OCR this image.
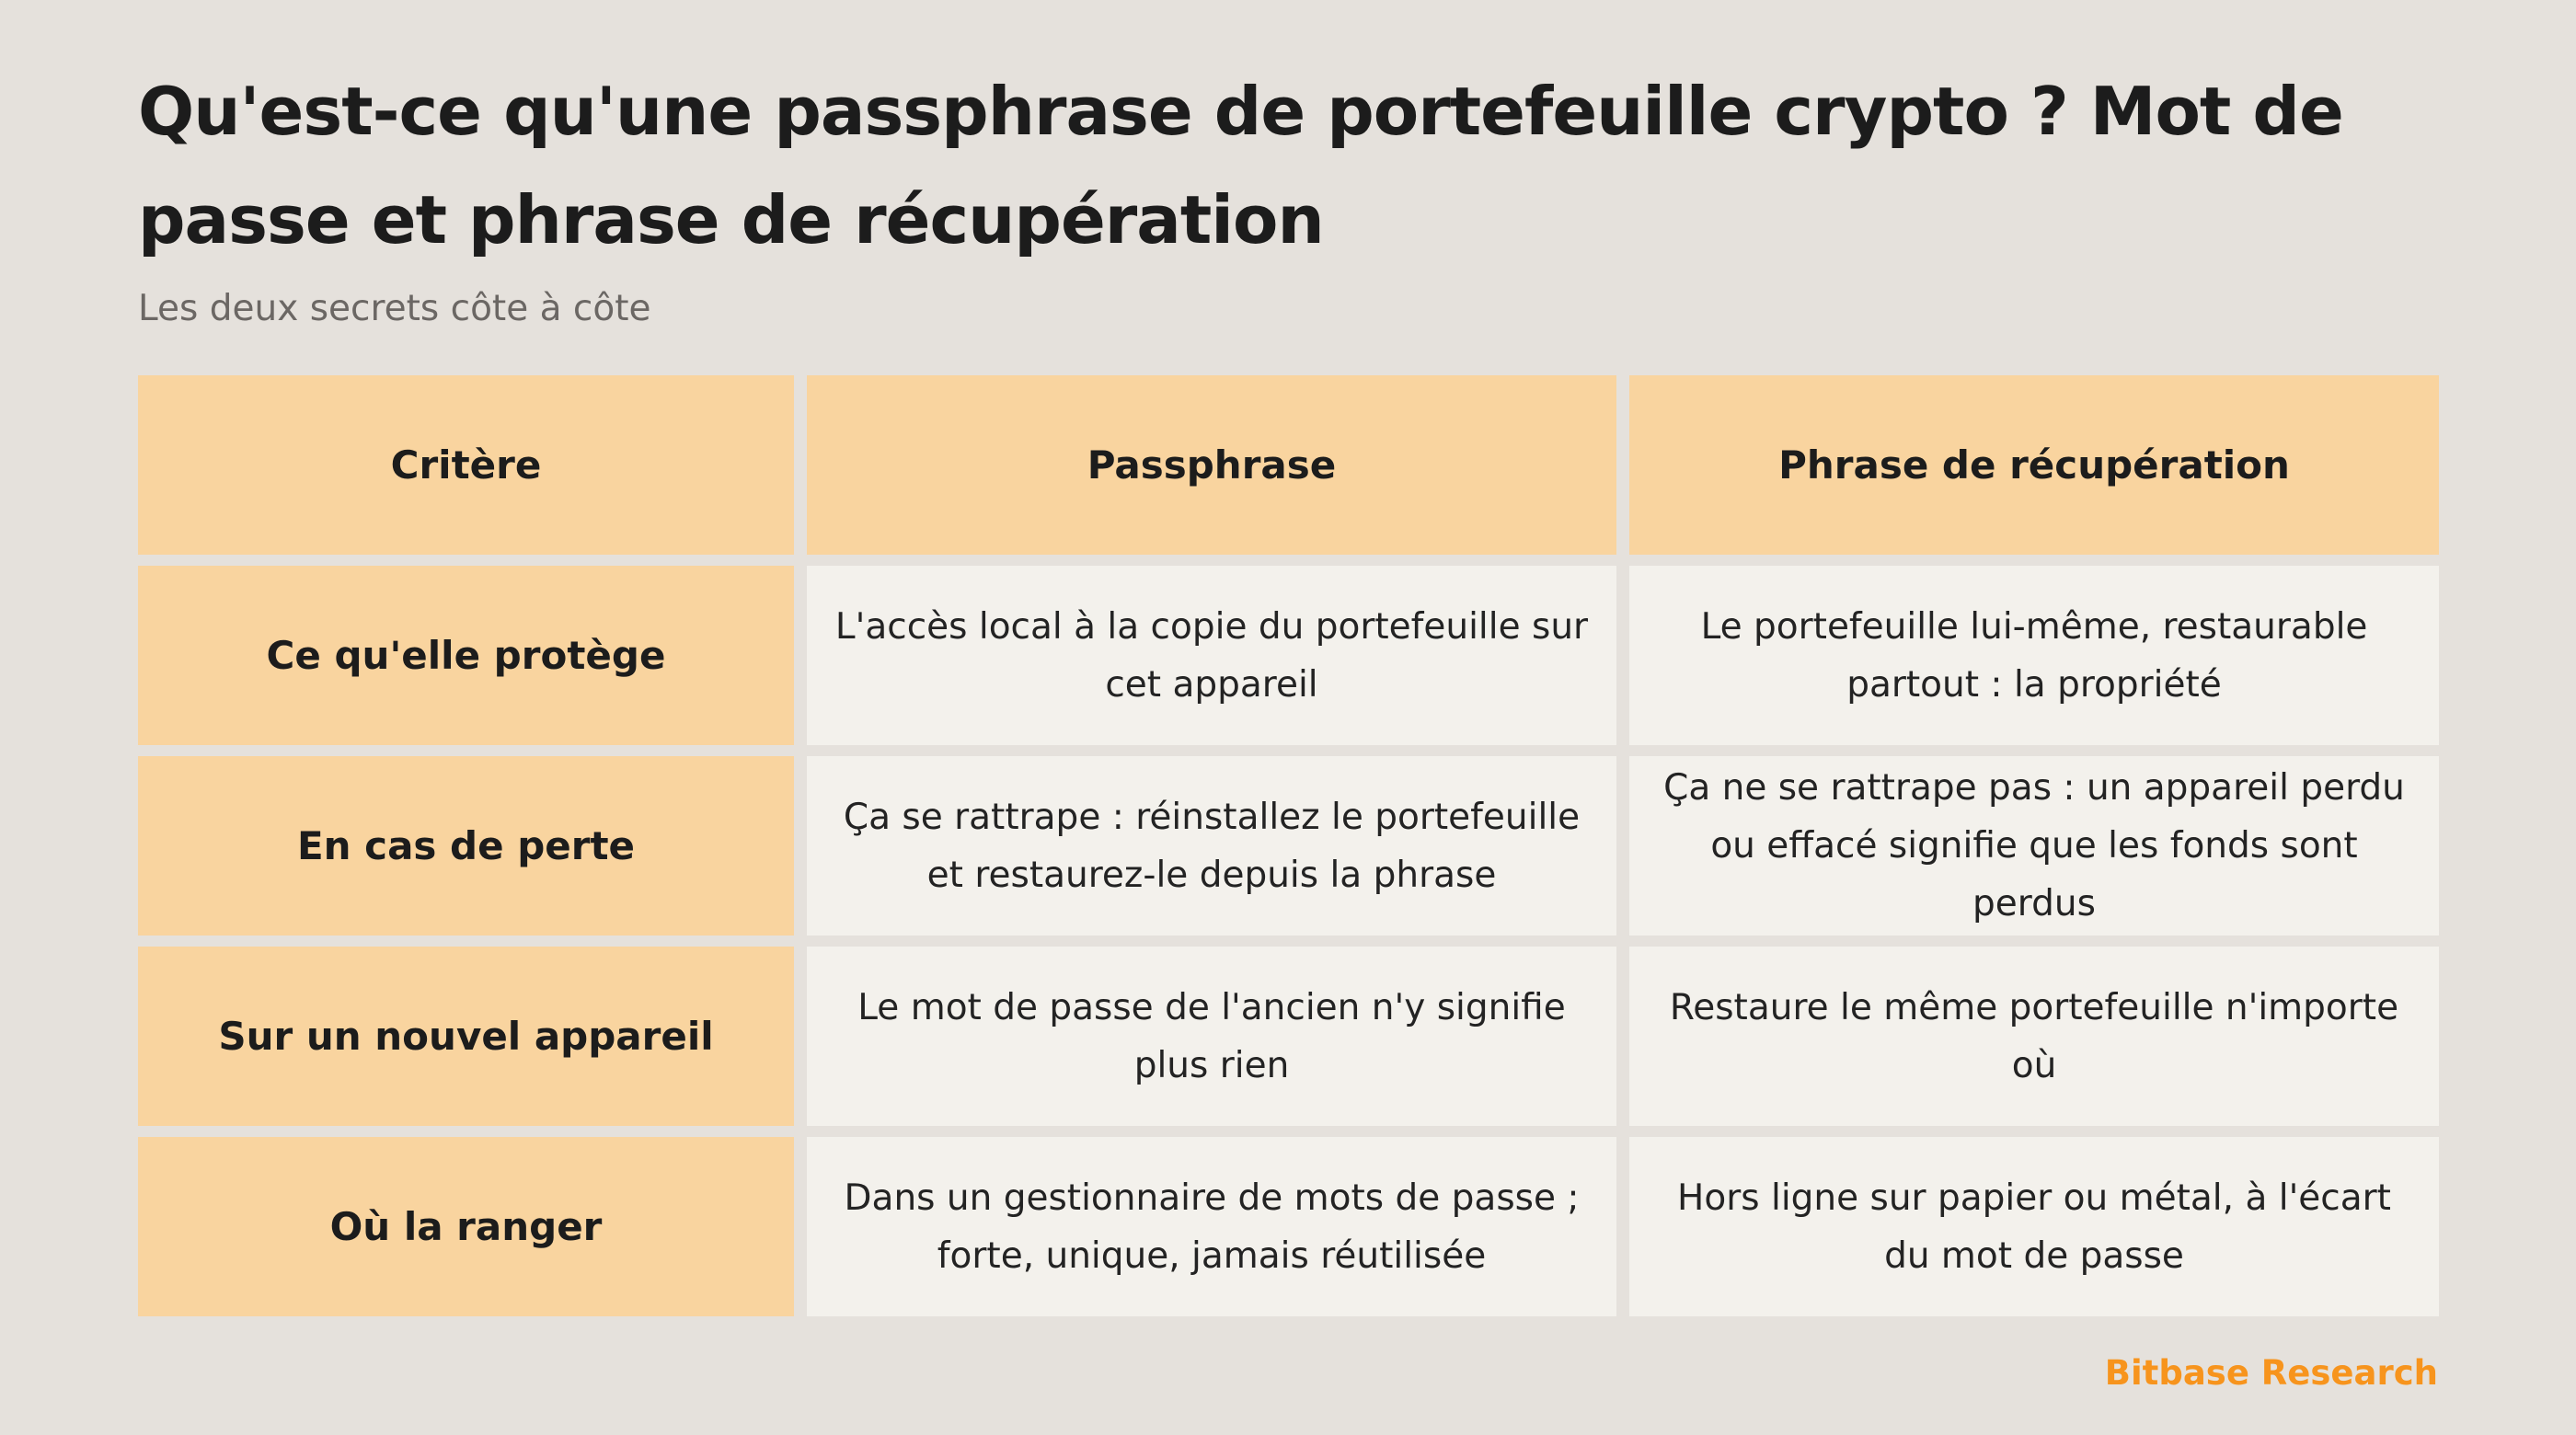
Qu'est-ce qu'une passphrase de portefeuille crypto ? Mot de passe et phrase de récupération

Les deux secrets côte à côte

Critère	Passphrase	Phrase de récupération
Ce qu'elle protège
L'accès local à la copie du portefeuille sur cet appareil
Le portefeuille lui-même, restaurable partout : la propriété
En cas de perte
Ça se rattrape : réinstallez le portefeuille et restaurez-le depuis la phrase
Ça ne se rattrape pas : un appareil perdu ou effacé signifie que les fonds sont perdus
Sur un nouvel appareil
Le mot de passe de l'ancien n'y signifie plus rien
Restaure le même portefeuille n'importe où
Où la ranger
Dans un gestionnaire de mots de passe ; forte, unique, jamais réutilisée
Hors ligne sur papier ou métal, à l'écart du mot de passe

Bitbase Research
